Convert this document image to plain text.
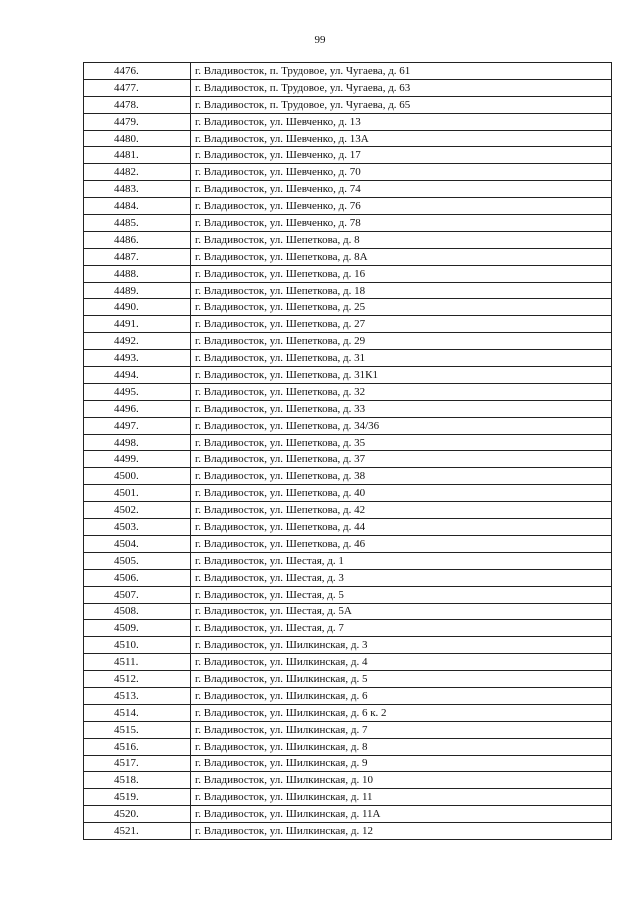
99
4476.	г. Владивосток, п. Трудовое, ул. Чугаева, д. 61
4477.	г. Владивосток, п. Трудовое, ул. Чугаева, д. 63
4478.	г. Владивосток, п. Трудовое, ул. Чугаева, д. 65
4479.	г. Владивосток, ул. Шевченко, д. 13
4480.	г. Владивосток, ул. Шевченко, д. 13А
4481.	г. Владивосток, ул. Шевченко, д. 17
4482.	г. Владивосток, ул. Шевченко, д. 70
4483.	г. Владивосток, ул. Шевченко, д. 74
4484.	г. Владивосток, ул. Шевченко, д. 76
4485.	г. Владивосток, ул. Шевченко, д. 78
4486.	г. Владивосток, ул. Шепеткова, д. 8
4487.	г. Владивосток, ул. Шепеткова, д. 8А
4488.	г. Владивосток, ул. Шепеткова, д. 16
4489.	г. Владивосток, ул. Шепеткова, д. 18
4490.	г. Владивосток, ул. Шепеткова, д. 25
4491.	г. Владивосток, ул. Шепеткова, д. 27
4492.	г. Владивосток, ул. Шепеткова, д. 29
4493.	г. Владивосток, ул. Шепеткова, д. 31
4494.	г. Владивосток, ул. Шепеткова, д. 31К1
4495.	г. Владивосток, ул. Шепеткова, д. 32
4496.	г. Владивосток, ул. Шепеткова, д. 33
4497.	г. Владивосток, ул. Шепеткова, д. 34/36
4498.	г. Владивосток, ул. Шепеткова, д. 35
4499.	г. Владивосток, ул. Шепеткова, д. 37
4500.	г. Владивосток, ул. Шепеткова, д. 38
4501.	г. Владивосток, ул. Шепеткова, д. 40
4502.	г. Владивосток, ул. Шепеткова, д. 42
4503.	г. Владивосток, ул. Шепеткова, д. 44
4504.	г. Владивосток, ул. Шепеткова, д. 46
4505.	г. Владивосток, ул. Шестая, д. 1
4506.	г. Владивосток, ул. Шестая, д. 3
4507.	г. Владивосток, ул. Шестая, д. 5
4508.	г. Владивосток, ул. Шестая, д. 5А
4509.	г. Владивосток, ул. Шестая, д. 7
4510.	г. Владивосток, ул. Шилкинская, д. 3
4511.	г. Владивосток, ул. Шилкинская, д. 4
4512.	г. Владивосток, ул. Шилкинская, д. 5
4513.	г. Владивосток, ул. Шилкинская, д. 6
4514.	г. Владивосток, ул. Шилкинская, д. 6 к. 2
4515.	г. Владивосток, ул. Шилкинская, д. 7
4516.	г. Владивосток, ул. Шилкинская, д. 8
4517.	г. Владивосток, ул. Шилкинская, д. 9
4518.	г. Владивосток, ул. Шилкинская, д. 10
4519.	г. Владивосток, ул. Шилкинская, д. 11
4520.	г. Владивосток, ул. Шилкинская, д. 11А
4521.	г. Владивосток, ул. Шилкинская, д. 12
